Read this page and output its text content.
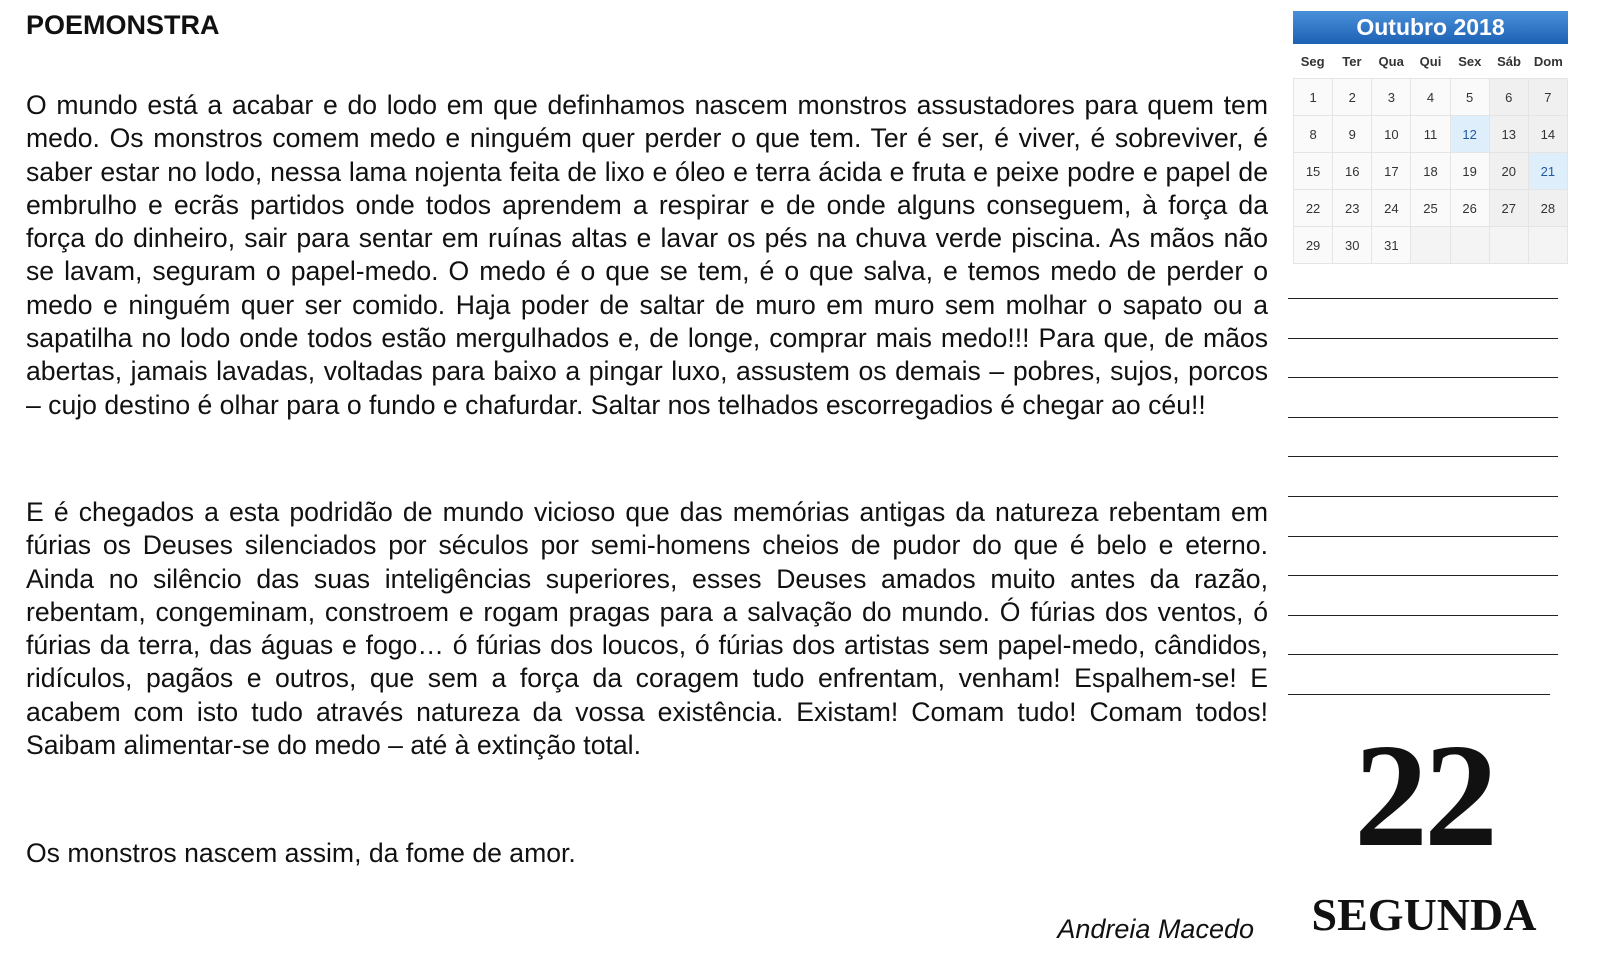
POEMONSTRA

O mundo está a acabar e do lodo em que definhamos nascem monstros assustadores para quem tem medo. Os monstros comem medo e ninguém quer perder o que tem. Ter é ser, é viver, é sobreviver, é saber estar no lodo, nessa lama nojenta feita de lixo e óleo e terra ácida e fruta e peixe podre e papel de embrulho e ecrãs partidos onde todos aprendem a respirar e de onde alguns conseguem, à força da força do dinheiro, sair para sentar em ruínas altas e lavar os pés na chuva verde piscina. As mãos não se lavam, seguram o papel-medo. O medo é o que se tem, é o que salva, e temos medo de perder o medo e ninguém quer ser comido. Haja poder de saltar de muro em muro sem molhar o sapato ou a sapatilha no lodo onde todos estão mergulhados e, de longe, comprar mais medo!!! Para que, de mãos abertas, jamais lavadas, voltadas para baixo a pingar luxo, assustem os demais – pobres, sujos, porcos – cujo destino é olhar para o fundo e chafurdar. Saltar nos telhados escorregadios é chegar ao céu!!

E é chegados a esta podridão de mundo vicioso que das memórias antigas da natureza rebentam em fúrias os Deuses silenciados por séculos por semi-homens cheios de pudor do que é belo e eterno. Ainda no silêncio das suas inteligências superiores, esses Deuses amados muito antes da razão, rebentam, congeminam, constroem e rogam pragas para a salvação do mundo. Ó fúrias dos ventos, ó fúrias da terra, das águas e fogo… ó fúrias dos loucos, ó fúrias dos artistas sem papel-medo, cândidos, ridículos, pagãos e outros, que sem a força da coragem tudo enfrentam, venham! Espalhem-se! E acabem com isto tudo através natureza da vossa existência. Existam! Comam tudo! Comam todos! Saibam alimentar-se do medo – até à extinção total.

Os monstros nascem assim, da fome de amor.

Andreia Macedo
Outubro 2018
Seg	Ter	Qua	Qui	Sex	Sáb Dom
1	2	3	4	5	6	7
8	9	10	11	12	13	14
15	16	17	18	19	20	21
22	23	24	25	26	27	28
29	30	31
22
SEGUNDA
